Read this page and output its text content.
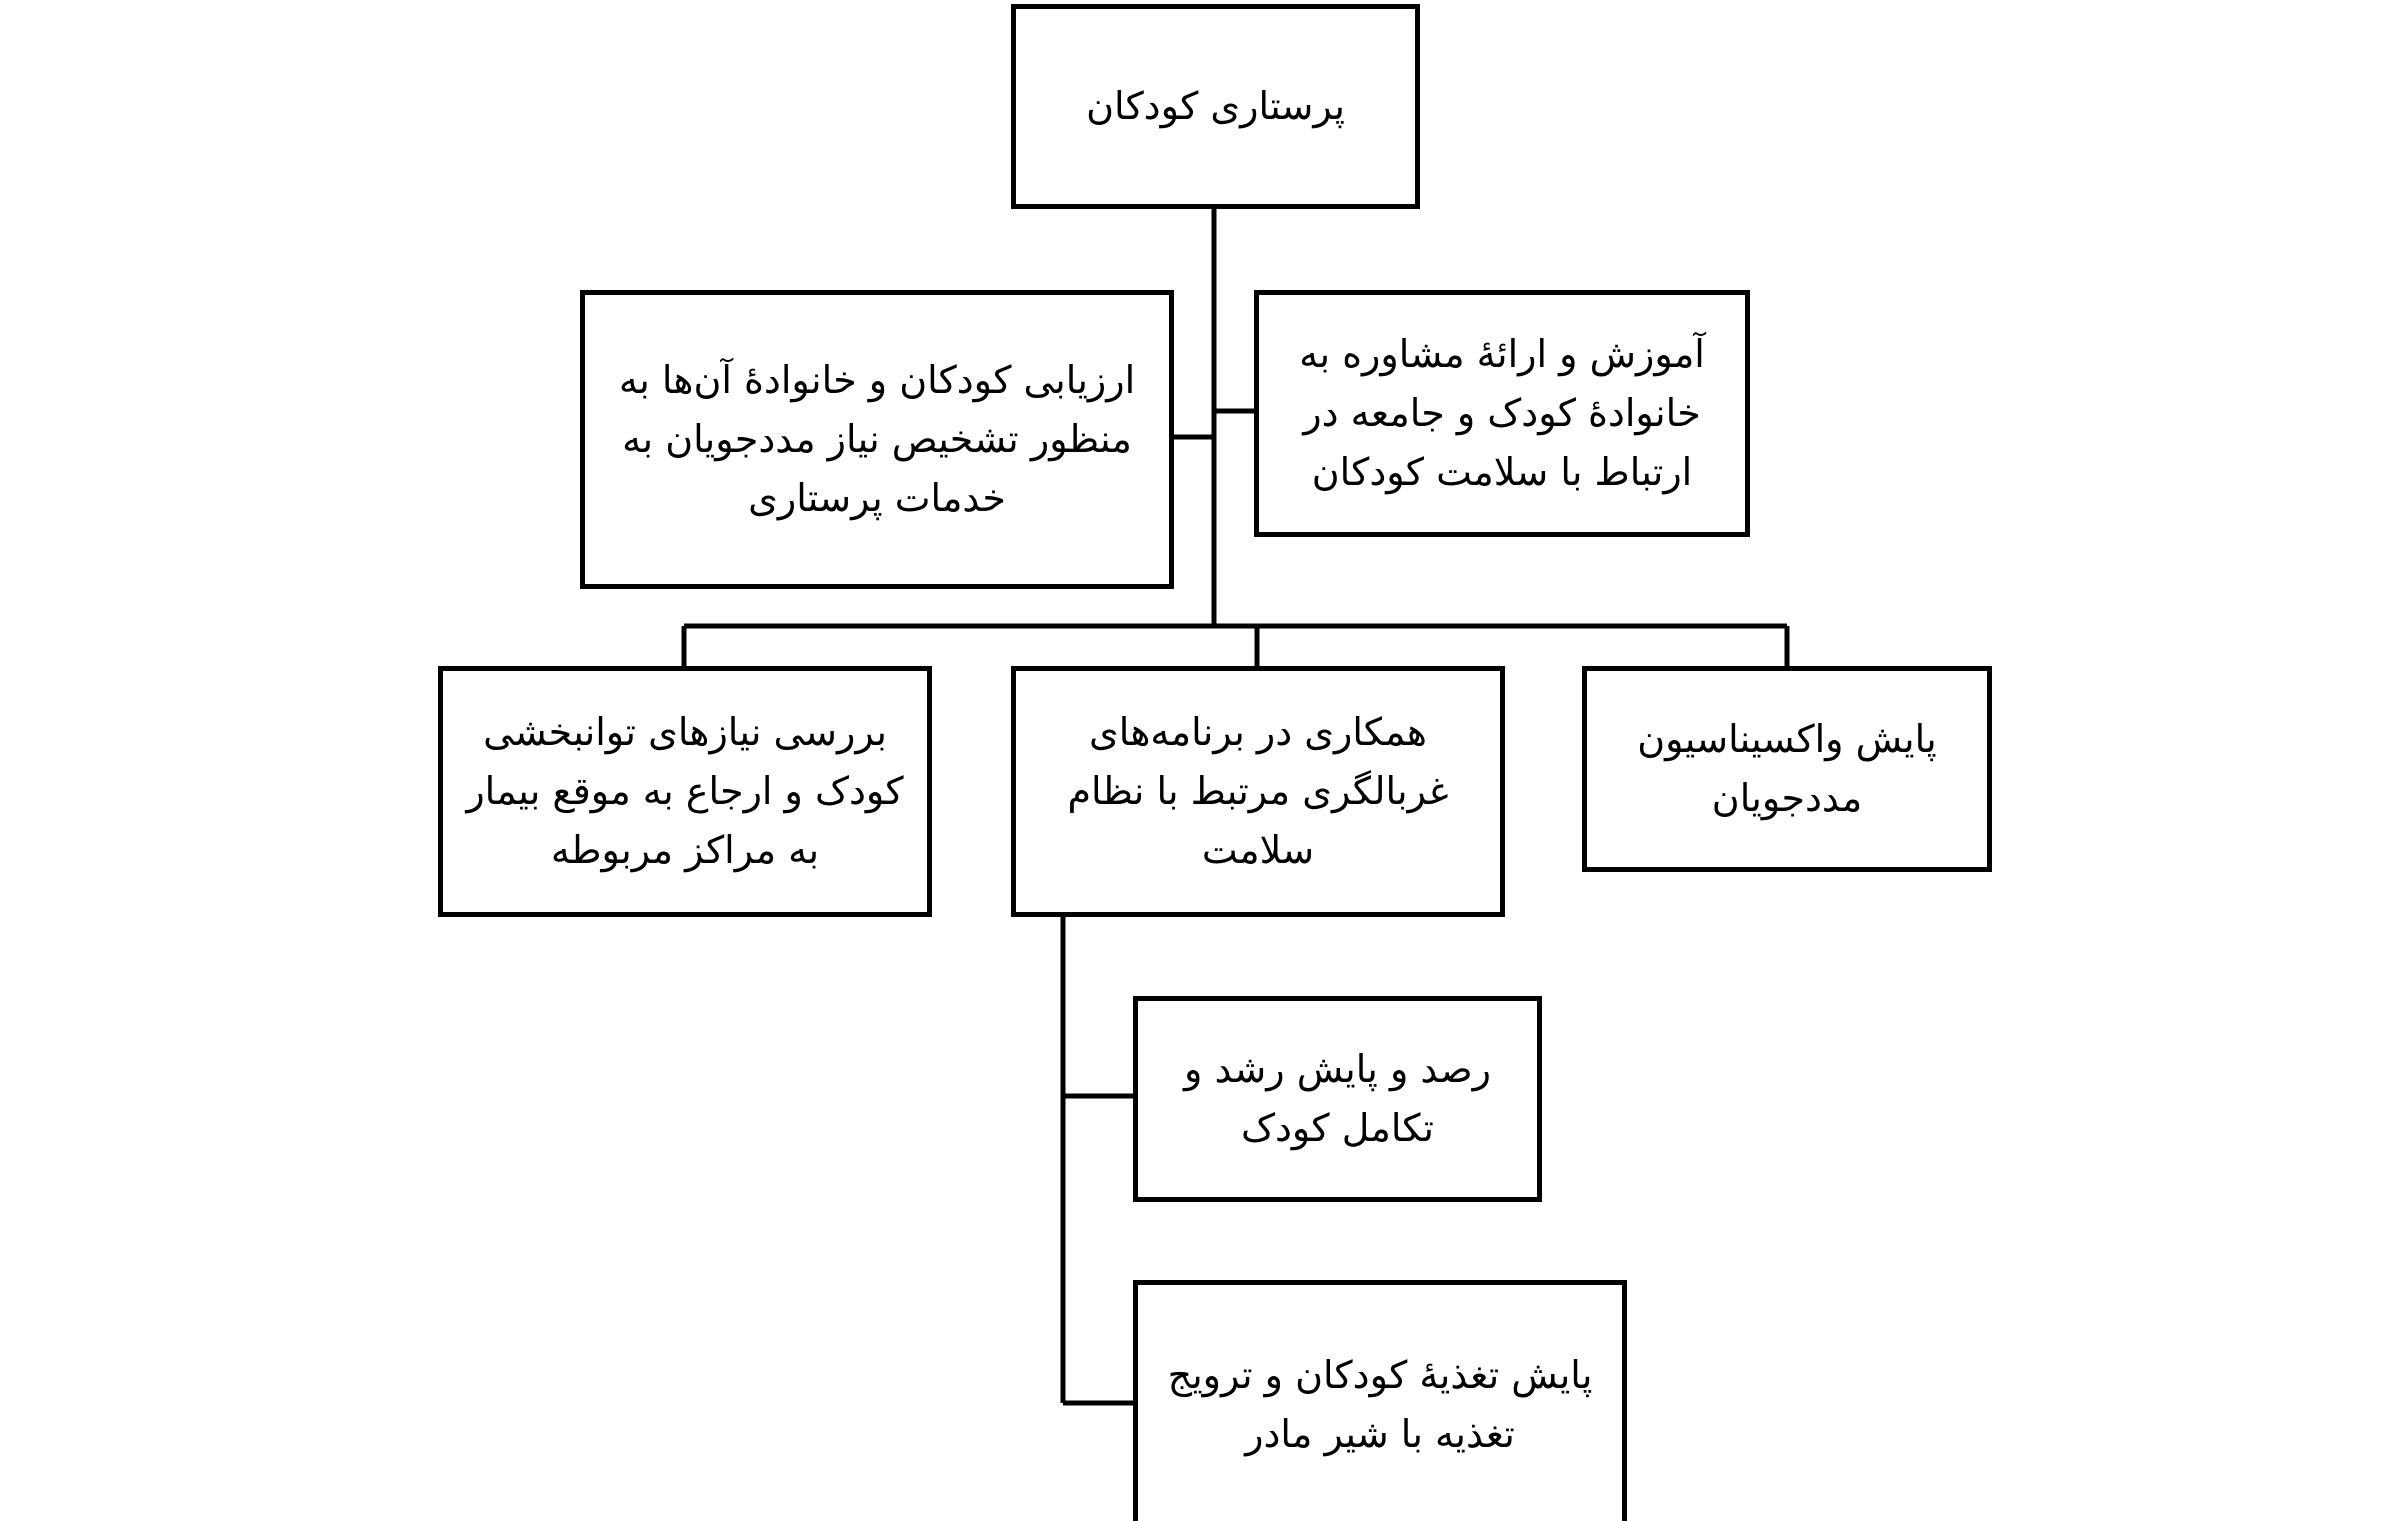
پرستاری کودکان
ارزیابی کودکان و خانوادهٔ آن‌ها به منظور تشخیص نیاز مددجویان به خدمات پرستاری
آموزش و ارائهٔ مشاوره به خانوادهٔ کودک و جامعه در ارتباط با سلامت کودکان
بررسی نیازهای توانبخشی کودک و ارجاع به موقع بیمار به مراکز مربوطه
همکاری در برنامه‌های غربالگری مرتبط با نظام سلامت
پایش واکسیناسیون مددجویان
رصد و پایش رشد و تکامل کودک
پایش تغذیهٔ کودکان و ترویج تغذیه با شیر مادر
